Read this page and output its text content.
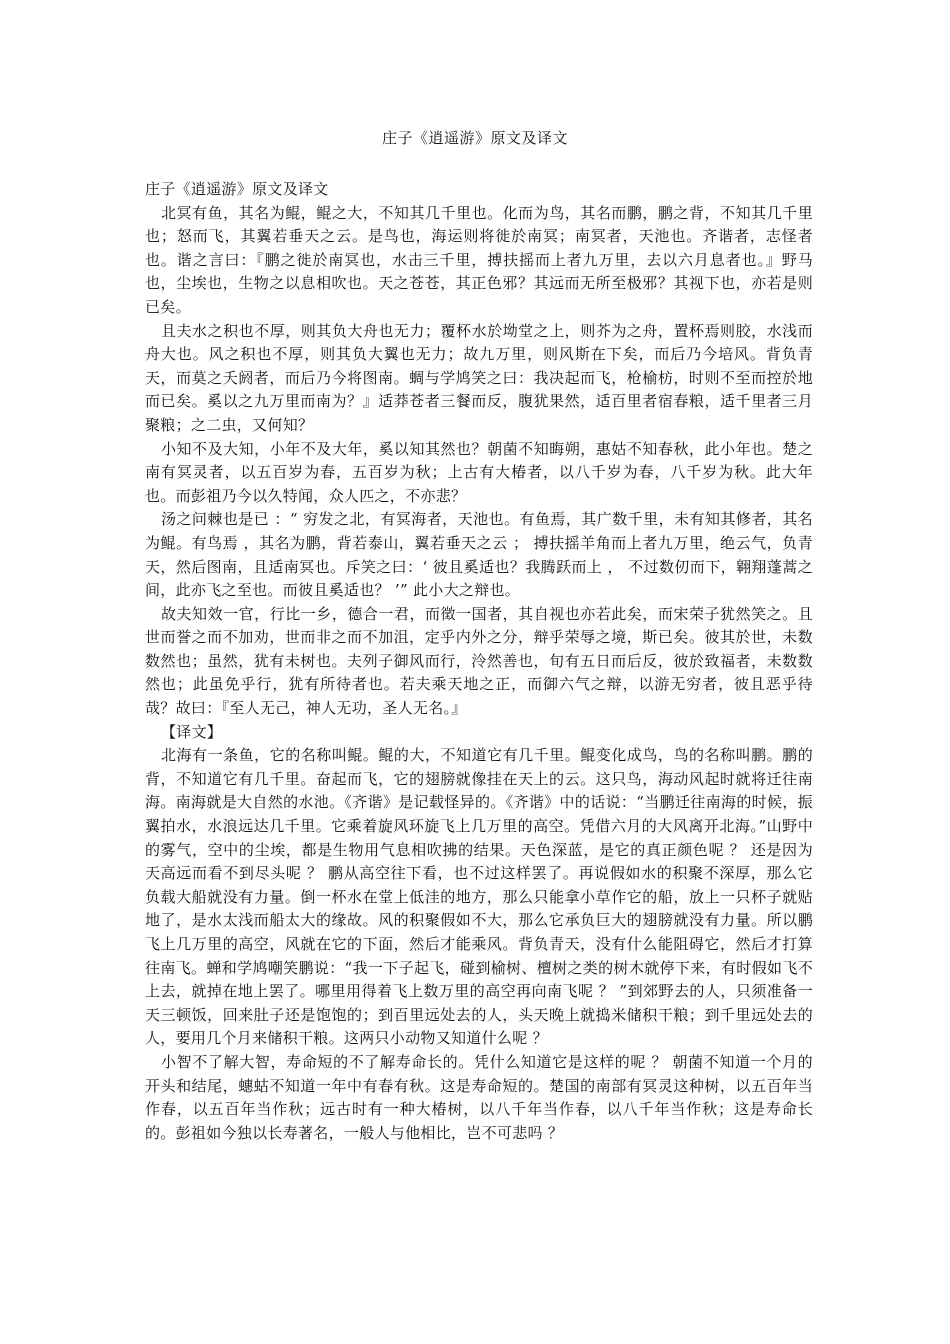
庄子《逍遥游》原文及译文

庄子《逍遥游》原文及译文

北冥有鱼，其名为鲲，鲲之大，不知其几千里也。化而为鸟，其名而鹏，鹏之背，不知其几千里也；怒而飞，其翼若垂天之云。是鸟也，海运则将徙於南冥；南冥者，天池也。齐谐者，志怪者也。谐之言曰：『鹏之徙於南冥也，水击三千里，搏扶摇而上者九万里，去以六月息者也。』野马也，尘埃也，生物之以息相吹也。天之苍苍，其正色邪？其远而无所至极邪？其视下也，亦若是则已矣。

且夫水之积也不厚，则其负大舟也无力；覆杯水於坳堂之上，则芥为之舟，置杯焉则胶，水浅而舟大也。风之积也不厚，则其负大翼也无力；故九万里，则风斯在下矣，而后乃今培风。背负青天，而莫之夭阏者，而后乃今将图南。蜩与学鸠笑之曰：我决起而飞，枪榆枋，时则不至而控於地而已矣。奚以之九万里而南为？』适莽苍者三餐而反，腹犹果然，适百里者宿春粮，适千里者三月聚粮；之二虫，又何知？

小知不及大知，小年不及大年，奚以知其然也？朝菌不知晦朔，惠姑不知春秋，此小年也。楚之南有冥灵者，以五百岁为春，五百岁为秋；上古有大椿者，以八千岁为春，八千岁为秋。此大年也。而彭祖乃今以久特闻，众人匹之，不亦悲？

汤之问棘也是已 ：“ 穷发之北，有冥海者，天池也。有鱼焉，其广数千里，未有知其修者，其名为鲲。有鸟焉 ，其名为鹏，背若泰山，翼若垂天之云 ； 搏扶摇羊角而上者九万里，绝云气，负青天，然后图南，且适南冥也。斥笑之曰：‘ 彼且奚适也？我腾跃而上 ， 不过数仞而下，翱翔蓬蒿之间，此亦飞之至也。而彼且奚适也？ ’” 此小大之辩也。

故夫知效一官，行比一乡，德合一君，而徵一国者，其自视也亦若此矣，而宋荣子犹然笑之。且世而誉之而不加劝，世而非之而不加沮，定乎内外之分，辩乎荣辱之境，斯已矣。彼其於世，未数数然也；虽然，犹有未树也。夫列子御风而行，泠然善也，旬有五日而后反，彼於致福者，未数数然也；此虽免乎行，犹有所待者也。若夫乘天地之正，而御六气之辩，以游无穷者，彼且恶乎待哉？故曰：『至人无己，神人无功，圣人无名。』

【译文】

北海有一条鱼，它的名称叫鲲。鲲的大，不知道它有几千里。鲲变化成鸟，鸟的名称叫鹏。鹏的背，不知道它有几千里。奋起而飞，它的翅膀就像挂在天上的云。这只鸟，海动风起时就将迁往南海。南海就是大自然的水池。《齐谐》是记载怪异的。《齐谐》中的话说：“当鹏迁往南海的时候，振翼拍水，水浪远达几千里。它乘着旋风环旋飞上几万里的高空。凭借六月的大风离开北海。”山野中的雾气，空中的尘埃，都是生物用气息相吹拂的结果。天色深蓝，是它的真正颜色呢 ？ 还是因为天高远而看不到尽头呢 ？ 鹏从高空往下看，也不过这样罢了。再说假如水的积聚不深厚，那么它负载大船就没有力量。倒一杯水在堂上低洼的地方，那么只能拿小草作它的船，放上一只杯子就贴地了，是水太浅而船太大的缘故。风的积聚假如不大，那么它承负巨大的翅膀就没有力量。所以鹏飞上几万里的高空，风就在它的下面，然后才能乘风。背负青天，没有什么能阻碍它，然后才打算往南飞。蝉和学鸠嘲笑鹏说：“我一下子起飞，碰到榆树、檀树之类的树木就停下来，有时假如飞不上去，就掉在地上罢了。哪里用得着飞上数万里的高空再向南飞呢 ？ ”到郊野去的人，只须准备一天三顿饭，回来肚子还是饱饱的；到百里远处去的人，头天晚上就捣米储积干粮；到千里远处去的人，要用几个月来储积干粮。这两只小动物又知道什么呢 ？

小智不了解大智，寿命短的不了解寿命长的。凭什么知道它是这样的呢 ？ 朝菌不知道一个月的开头和结尾，蟪蛄不知道一年中有春有秋。这是寿命短的。楚国的南部有冥灵这种树，以五百年当作春，以五百年当作秋；远古时有一种大椿树，以八千年当作春，以八千年当作秋；这是寿命长的。彭祖如今独以长寿著名，一般人与他相比，岂不可悲吗 ？
